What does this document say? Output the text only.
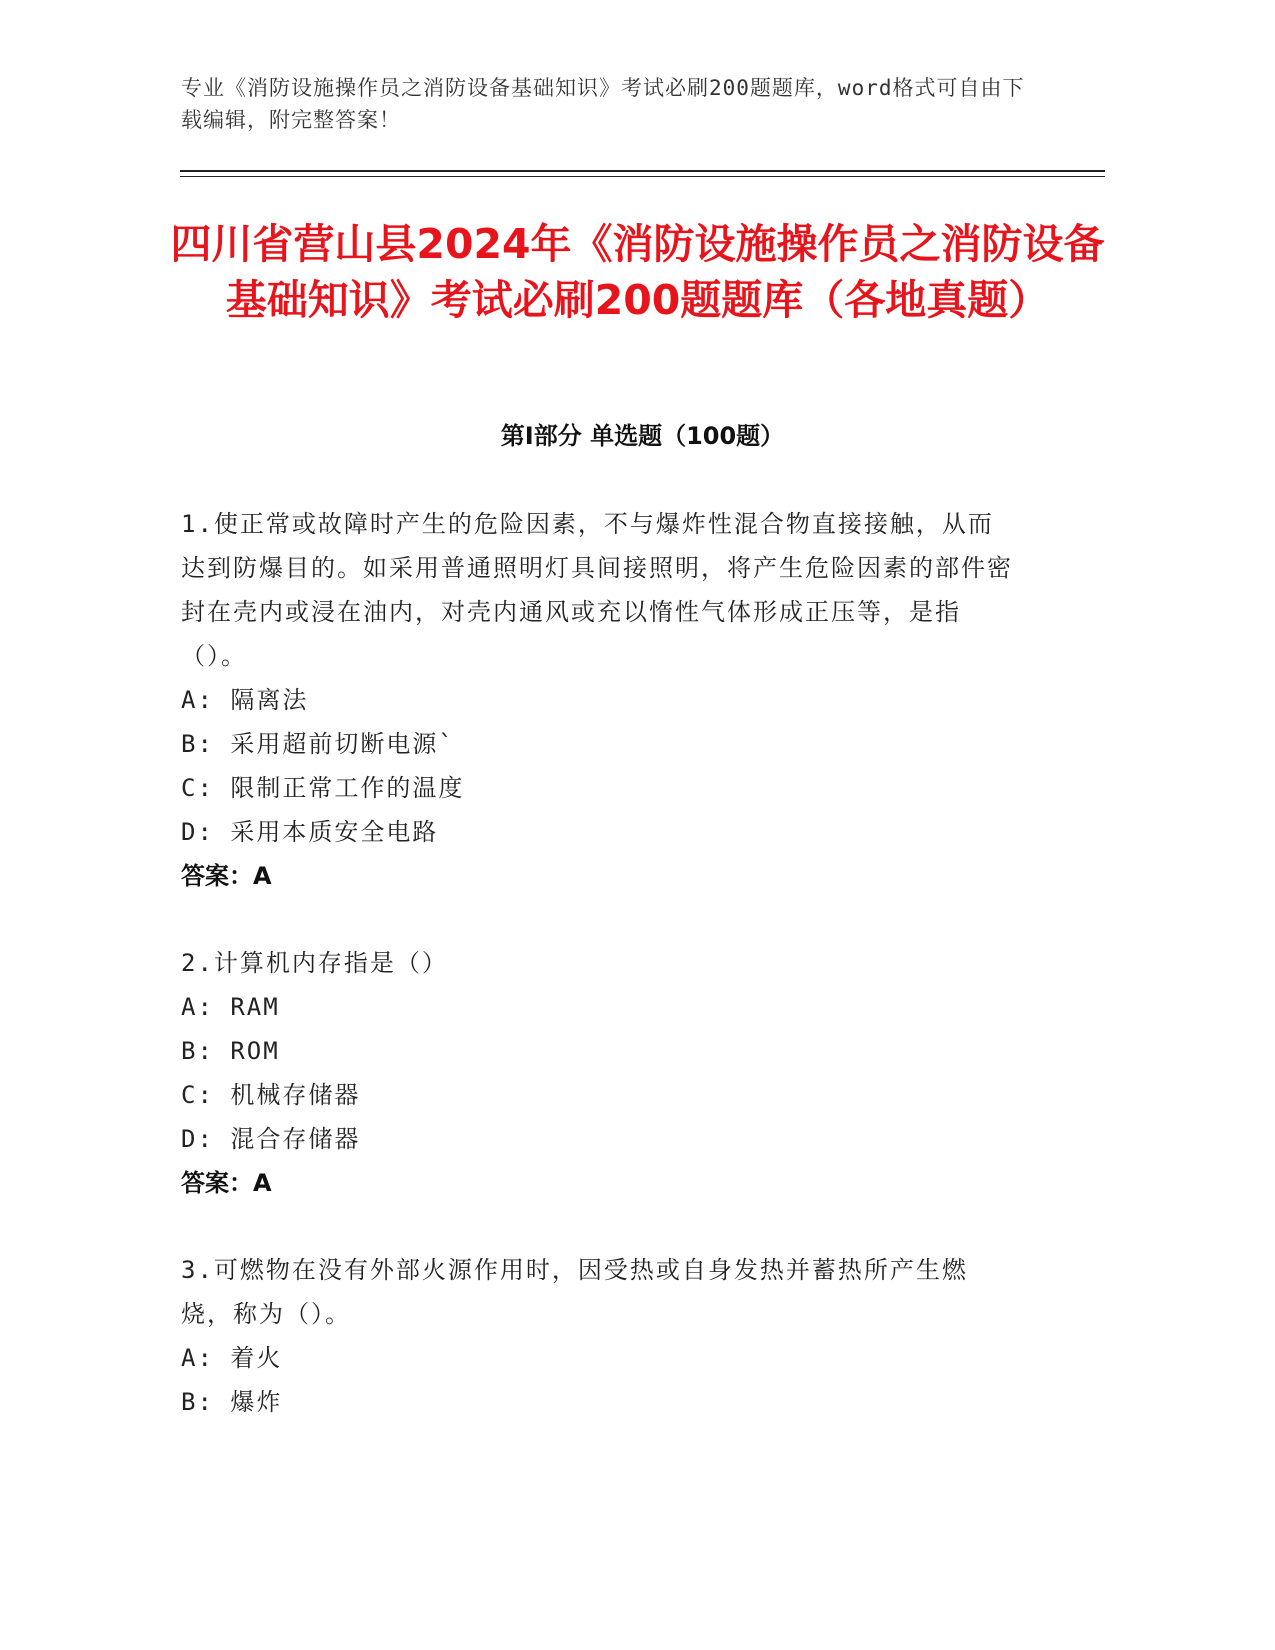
专业《消防设施操作员之消防设备基础知识》考试必刷200题题库，word格式可自由下载编辑，附完整答案！
四川省营山县2024年《消防设施操作员之消防设备基础知识》考试必刷200题题库（各地真题）
第I部分 单选题（100题）
1.使正常或故障时产生的危险因素，不与爆炸性混合物直接接触，从而达到防爆目的。如采用普通照明灯具间接照明，将产生危险因素的部件密封在壳内或浸在油内，对壳内通风或充以惰性气体形成正压等，是指（）。
A: 隔离法
B: 采用超前切断电源`
C: 限制正常工作的温度
D: 采用本质安全电路
答案：A
2.计算机内存指是（）
A: RAM
B: ROM
C: 机械存储器
D: 混合存储器
答案：A
3.可燃物在没有外部火源作用时，因受热或自身发热并蓄热所产生燃烧，称为（）。
A: 着火
B: 爆炸
